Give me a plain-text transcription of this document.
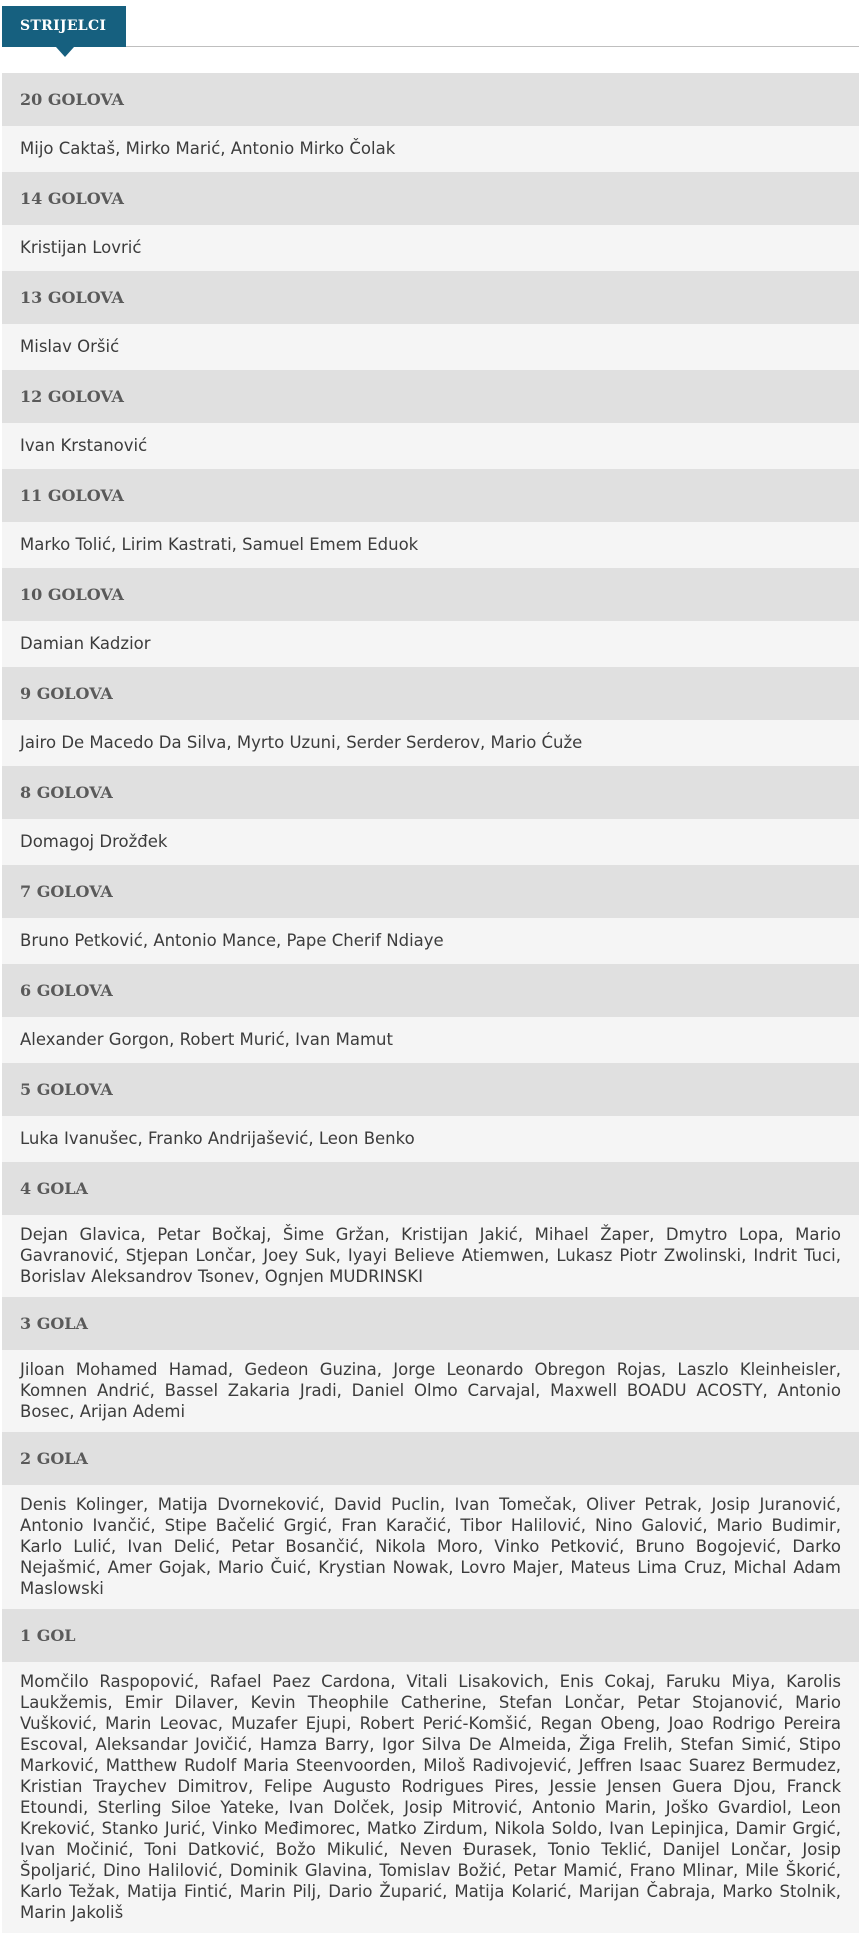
STRIJELCI
20 GOLOVA
Mijo Caktaš, Mirko Marić, Antonio Mirko Čolak
14 GOLOVA
Kristijan Lovrić
13 GOLOVA
Mislav Oršić
12 GOLOVA
Ivan Krstanović
11 GOLOVA
Marko Tolić, Lirim Kastrati, Samuel Emem Eduok
10 GOLOVA
Damian Kadzior
9 GOLOVA
Jairo De Macedo Da Silva, Myrto Uzuni, Serder Serderov, Mario Ćuže
8 GOLOVA
Domagoj Drožđek
7 GOLOVA
Bruno Petković, Antonio Mance, Pape Cherif Ndiaye
6 GOLOVA
Alexander Gorgon, Robert Murić, Ivan Mamut
5 GOLOVA
Luka Ivanušec, Franko Andrijašević, Leon Benko
4 GOLA
Dejan Glavica, Petar Bočkaj, Šime Gržan, Kristijan Jakić, Mihael Žaper, Dmytro Lopa, Mario Gavranović, Stjepan Lončar, Joey Suk, Iyayi Believe Atiemwen, Lukasz Piotr Zwolinski, Indrit Tuci, Borislav Aleksandrov Tsonev, Ognjen MUDRINSKI
3 GOLA
Jiloan Mohamed Hamad, Gedeon Guzina, Jorge Leonardo Obregon Rojas, Laszlo Kleinheisler, Komnen Andrić, Bassel Zakaria Jradi, Daniel Olmo Carvajal, Maxwell BOADU ACOSTY, Antonio Bosec, Arijan Ademi
2 GOLA
Denis Kolinger, Matija Dvorneković, David Puclin, Ivan Tomečak, Oliver Petrak, Josip Juranović, Antonio Ivančić, Stipe Bačelić Grgić, Fran Karačić, Tibor Halilović, Nino Galović, Mario Budimir, Karlo Lulić, Ivan Delić, Petar Bosančić, Nikola Moro, Vinko Petković, Bruno Bogojević, Darko Nejašmić, Amer Gojak, Mario Čuić, Krystian Nowak, Lovro Majer, Mateus Lima Cruz, Michal Adam Maslowski
1 GOL
Momčilo Raspopović, Rafael Paez Cardona, Vitali Lisakovich, Enis Cokaj, Faruku Miya, Karolis Laukžemis, Emir Dilaver, Kevin Theophile Catherine, Stefan Lončar, Petar Stojanović, Mario Vušković, Marin Leovac, Muzafer Ejupi, Robert Perić-Komšić, Regan Obeng, Joao Rodrigo Pereira Escoval, Aleksandar Jovičić, Hamza Barry, Igor Silva De Almeida, Žiga Frelih, Stefan Simić, Stipo Marković, Matthew Rudolf Maria Steenvoorden, Miloš Radivojević, Jeffren Isaac Suarez Bermudez, Kristian Traychev Dimitrov, Felipe Augusto Rodrigues Pires, Jessie Jensen Guera Djou, Franck Etoundi, Sterling Siloe Yateke, Ivan Dolček, Josip Mitrović, Antonio Marin, Joško Gvardiol, Leon Kreković, Stanko Jurić, Vinko Međimorec, Matko Zirdum, Nikola Soldo, Ivan Lepinjica, Damir Grgić, Ivan Močinić, Toni Datković, Božo Mikulić, Neven Đurasek, Tonio Teklić, Danijel Lončar, Josip Špoljarić, Dino Halilović, Dominik Glavina, Tomislav Božić, Petar Mamić, Frano Mlinar, Mile Škorić, Karlo Težak, Matija Fintić, Marin Pilj, Dario Župarić, Matija Kolarić, Marijan Čabraja, Marko Stolnik, Marin Jakoliš
